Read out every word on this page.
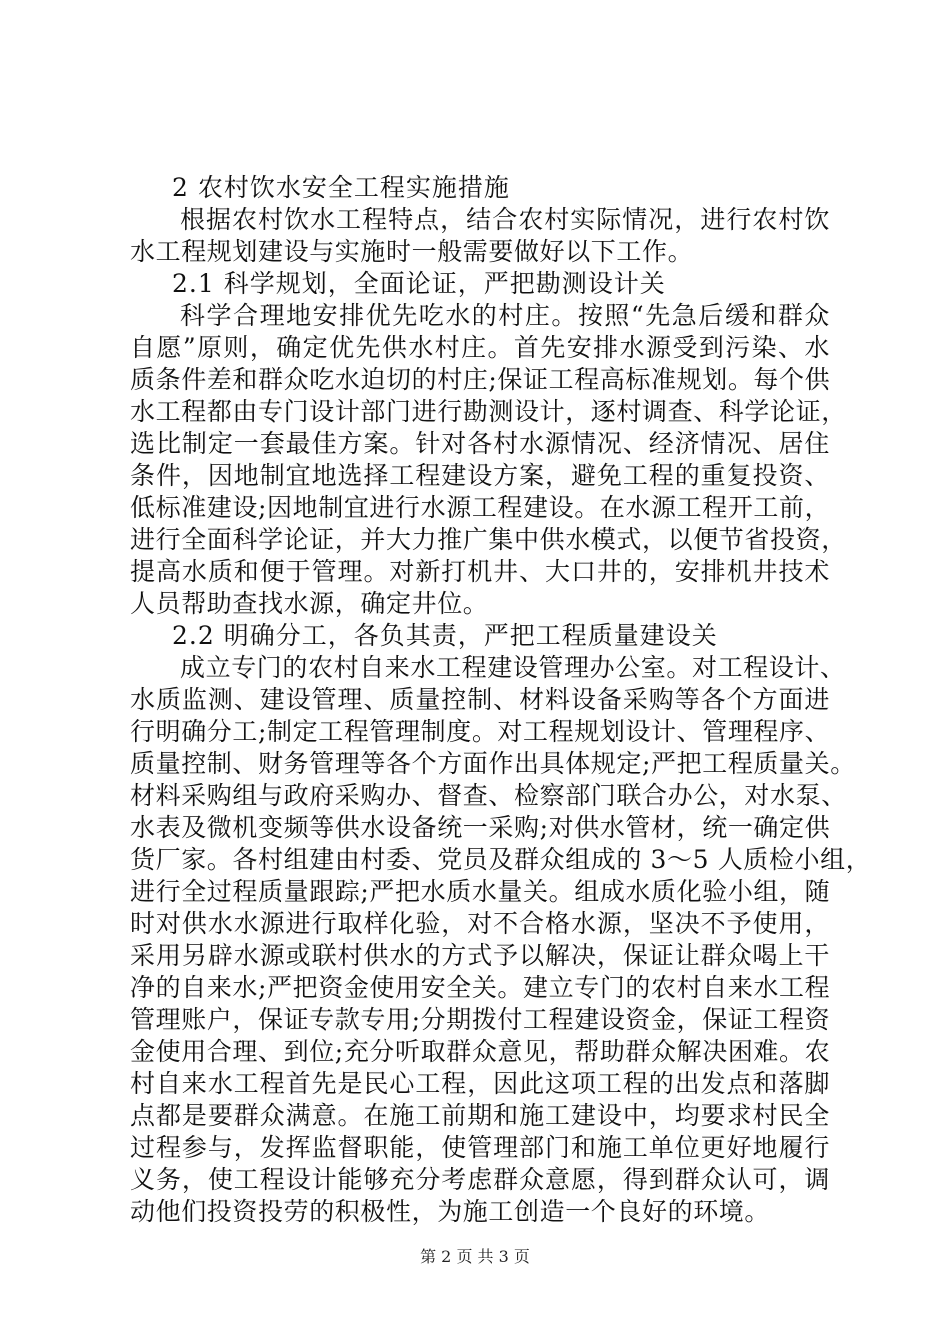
2 农村饮水安全工程实施措施
根据农村饮水工程特点，结合农村实际情况，进行农村饮
水工程规划建设与实施时一般需要做好以下工作。
2.1 科学规划，全面论证，严把勘测设计关
科学合理地安排优先吃水的村庄。按照“先急后缓和群众
自愿”原则，确定优先供水村庄。首先安排水源受到污染、水
质条件差和群众吃水迫切的村庄;保证工程高标准规划。每个供
水工程都由专门设计部门进行勘测设计，逐村调查、科学论证，
选比制定一套最佳方案。针对各村水源情况、经济情况、居住
条件，因地制宜地选择工程建设方案，避免工程的重复投资、
低标准建设;因地制宜进行水源工程建设。在水源工程开工前，
进行全面科学论证，并大力推广集中供水模式，以便节省投资，
提高水质和便于管理。对新打机井、大口井的，安排机井技术
人员帮助查找水源，确定井位。
2.2 明确分工，各负其责，严把工程质量建设关
成立专门的农村自来水工程建设管理办公室。对工程设计、
水质监测、建设管理、质量控制、材料设备采购等各个方面进
行明确分工;制定工程管理制度。对工程规划设计、管理程序、
质量控制、财务管理等各个方面作出具体规定;严把工程质量关。
材料采购组与政府采购办、督查、检察部门联合办公，对水泵、
水表及微机变频等供水设备统一采购;对供水管材，统一确定供
货厂家。各村组建由村委、党员及群众组成的 3～5 人质检小组，
进行全过程质量跟踪;严把水质水量关。组成水质化验小组，随
时对供水水源进行取样化验，对不合格水源，坚决不予使用，
采用另辟水源或联村供水的方式予以解决，保证让群众喝上干
净的自来水;严把资金使用安全关。建立专门的农村自来水工程
管理账户，保证专款专用;分期拨付工程建设资金，保证工程资
金使用合理、到位;充分听取群众意见，帮助群众解决困难。农
村自来水工程首先是民心工程，因此这项工程的出发点和落脚
点都是要群众满意。在施工前期和施工建设中，均要求村民全
过程参与，发挥监督职能，使管理部门和施工单位更好地履行
义务，使工程设计能够充分考虑群众意愿，得到群众认可，调
动他们投资投劳的积极性，为施工创造一个良好的环境。
第 2 页 共 3 页
